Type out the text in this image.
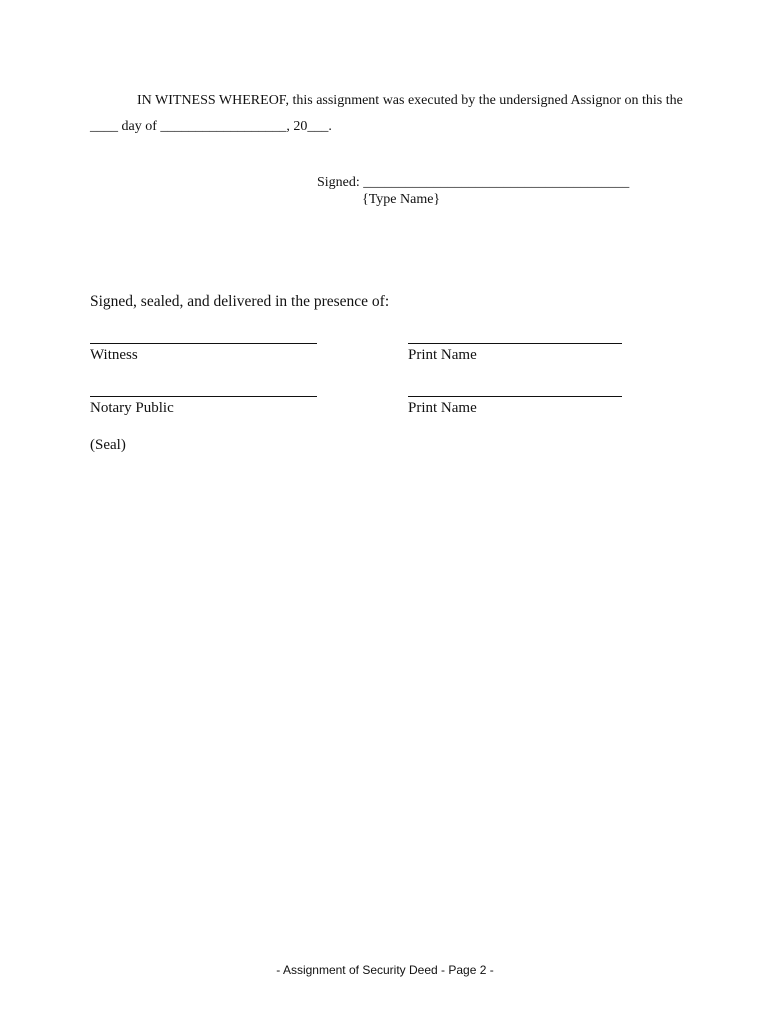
IN WITNESS WHEREOF, this assignment was executed by the undersigned Assignor on this the
____ day of __________________, 20___.
Signed: ______________________________________
{Type Name}
Signed, sealed, and delivered in the presence of:
Witness	Print Name
Notary Public	Print Name
(Seal)
- Assignment of Security Deed - Page 2 -
